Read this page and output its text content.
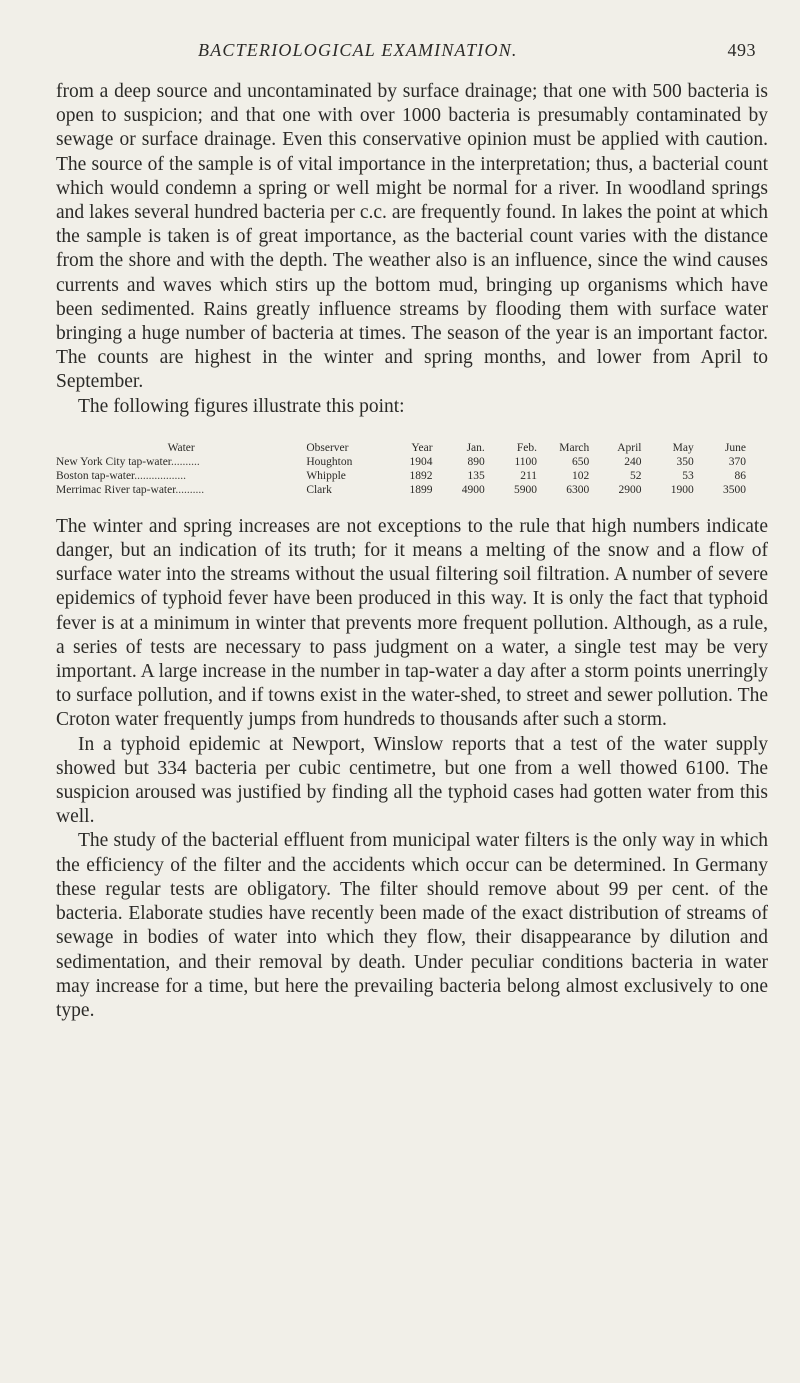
BACTERIOLOGICAL EXAMINATION.	493

from a deep source and uncontaminated by surface drainage; that one with 500 bacteria is open to suspicion; and that one with over 1000 bacteria is presumably contaminated by sewage or surface drainage. Even this conservative opinion must be applied with caution. The source of the sample is of vital importance in the interpretation; thus, a bacterial count which would condemn a spring or well might be normal for a river. In woodland springs and lakes several hundred bacteria per c.c. are frequently found. In lakes the point at which the sample is taken is of great importance, as the bacterial count varies with the distance from the shore and with the depth. The weather also is an influence, since the wind causes currents and waves which stirs up the bottom mud, bringing up organisms which have been sedimented. Rains greatly influence streams by flooding them with surface water bringing a huge number of bacteria at times. The season of the year is an important factor. The counts are highest in the winter and spring months, and lower from April to September.

The following figures illustrate this point:

Water	Observer	Year	Jan.	Feb.	March	April	May	June
New York City tap-water..........	Houghton	1904	890	1100	650	240	350	370
Boston tap-water..................	Whipple	1892	135	211	102	52	53	86
Merrimac River tap-water..........	Clark	1899	4900	5900	6300	2900	1900	3500

The winter and spring increases are not exceptions to the rule that high numbers indicate danger, but an indication of its truth; for it means a melting of the snow and a flow of surface water into the streams without the usual filtering soil filtration. A number of severe epidemics of typhoid fever have been produced in this way. It is only the fact that typhoid fever is at a minimum in winter that prevents more frequent pollution. Although, as a rule, a series of tests are necessary to pass judgment on a water, a single test may be very important. A large increase in the number in tap-water a day after a storm points unerringly to surface pollution, and if towns exist in the water-shed, to street and sewer pollution. The Croton water frequently jumps from hundreds to thousands after such a storm.

In a typhoid epidemic at Newport, Winslow reports that a test of the water supply showed but 334 bacteria per cubic centimetre, but one from a well thowed 6100. The suspicion aroused was justified by finding all the typhoid cases had gotten water from this well.

The study of the bacterial effluent from municipal water filters is the only way in which the efficiency of the filter and the accidents which occur can be determined. In Germany these regular tests are obligatory. The filter should remove about 99 per cent. of the bacteria. Elaborate studies have recently been made of the exact distribution of streams of sewage in bodies of water into which they flow, their disappearance by dilution and sedimentation, and their removal by death. Under peculiar conditions bacteria in water may increase for a time, but here the prevailing bacteria belong almost exclusively to one type.
